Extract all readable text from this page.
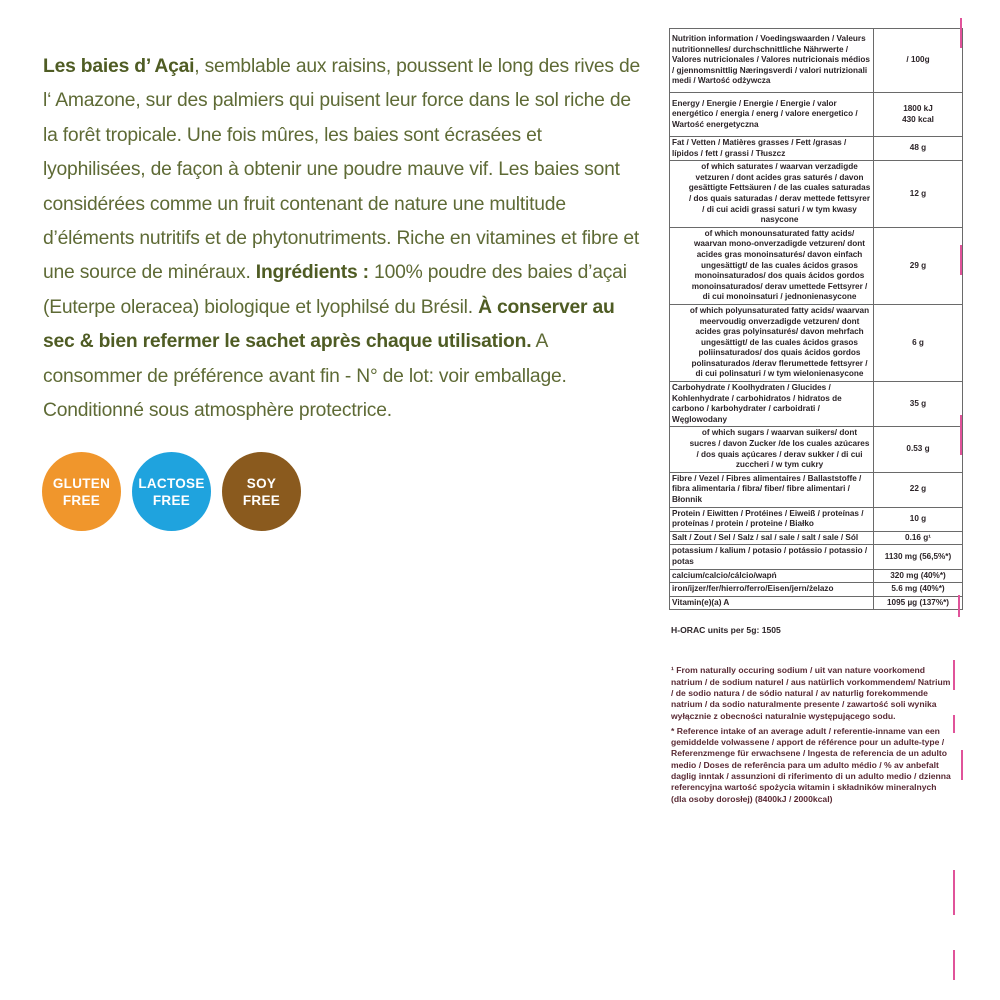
Les baies d’ Açai, semblable aux raisins, poussent le long des rives de l‘ Amazone, sur des palmiers qui puisent leur force dans le sol riche de la forêt tropicale. Une fois mûres, les baies sont écrasées et lyophilisées, de façon à obtenir une poudre mauve vif. Les baies sont considérées comme un fruit contenant de nature une multitude d’éléments nutritifs et de phytonutriments. Riche en vitamines et fibre et une source de minéraux. Ingrédients : 100% poudre des baies d’açai (Euterpe oleracea) biologique et lyophilsé du Brésil. À conserver au sec & bien refermer le sachet après chaque utilisation. A consommer de préférence avant fin - N° de lot: voir emballage. Conditionné sous atmosphère protectrice.
GLUTEN
FREE
LACTOSE
FREE
SOY
FREE
Nutrition information / Voedingswaarden / Valeurs nutritionnelles/ durchschnittliche Nährwerte / Valores nutricionales / Valores nutricionais médios / gjennomsnittlig Næringsverdi / valori nutrizionali medi / Wartość odżywcza	/ 100g
Energy / Energie / Energie / Energie / valor energético / energia / energ / valore energetico / Wartość energetyczna	1800 kJ
430 kcal
Fat / Vetten / Matières grasses / Fett /grasas / lípidos / fett / grassi / Tłuszcz	48 g
of which saturates / waarvan verzadigde vetzuren / dont acides gras saturés / davon gesättigte Fettsäuren / de las cuales saturadas / dos quais saturadas / derav mettede fettsyrer / di cui acidi grassi saturi / w tym kwasy nasycone	12 g
of which monounsaturated fatty acids/ waarvan mono-onverzadigde vetzuren/ dont acides gras monoinsaturés/ davon einfach ungesättigt/ de las cuales ácidos grasos monoinsaturados/ dos quais ácidos gordos monoinsaturados/ derav umettede Fettsyrer / di cui monoinsaturi / jednonienasycone	29 g
of which polyunsaturated fatty acids/ waarvan meervoudig onverzadigde vetzuren/ dont acides gras polyinsaturés/ davon mehrfach ungesättigt/ de las cuales ácidos grasos poliinsaturados/ dos quais ácidos gordos polinsaturados /derav flerumettede fettsyrer / di cui polinsaturi / w tym wielonienasycone	6 g
Carbohydrate / Koolhydraten / Glucides / Kohlenhydrate / carbohidratos / hidratos de carbono / karbohydrater / carboidrati / Węglowodany	35 g
of which sugars / waarvan suikers/ dont sucres / davon Zucker /de los cuales azúcares / dos quais açúcares / derav sukker / di cui zuccheri / w tym cukry	0.53 g
Fibre / Vezel / Fibres alimentaires / Ballaststoffe / fibra alimentaria / fibra/ fiber/ fibre alimentari / Błonnik	22 g
Protein / Eiwitten / Protéines / Eiweiß / proteínas / proteínas / protein / proteine / Białko	10 g
Salt / Zout / Sel / Salz / sal / sale / salt / sale / Sól	0.16 g¹
potassium / kalium / potasio / potássio / potassio / potas	1130 mg (56,5%*)
calcium/calcio/cálcio/wapń	320 mg (40%*)
iron/ijzer/fer/hierro/ferro/Eisen/jern/żelazo	5.6 mg (40%*)
Vitamin(e)(a) A	1095 µg (137%*)
H-ORAC units per 5g: 1505

¹ From naturally occuring sodium / uit van nature voorkomend natrium / de sodium naturel / aus natürlich vorkommendem/ Natrium / de sodio natura / de sódio natural / av naturlig forekommende natrium / da sodio naturalmente presente / zawartość soli wynika wyłącznie z obecności naturalnie występującego sodu.

* Reference intake of an average adult / referentie-inname van een gemiddelde volwassene / apport de référence pour un adulte-type / Referenzmenge für erwachsene / Ingesta de referencia de un adulto medio / Doses de referência para um adulto médio / % av anbefalt daglig inntak / assunzioni di riferimento di un adulto medio / dzienna referencyjna wartość spożycia witamin i składników mineralnych (dla osoby dorosłej) (8400kJ / 2000kcal)
